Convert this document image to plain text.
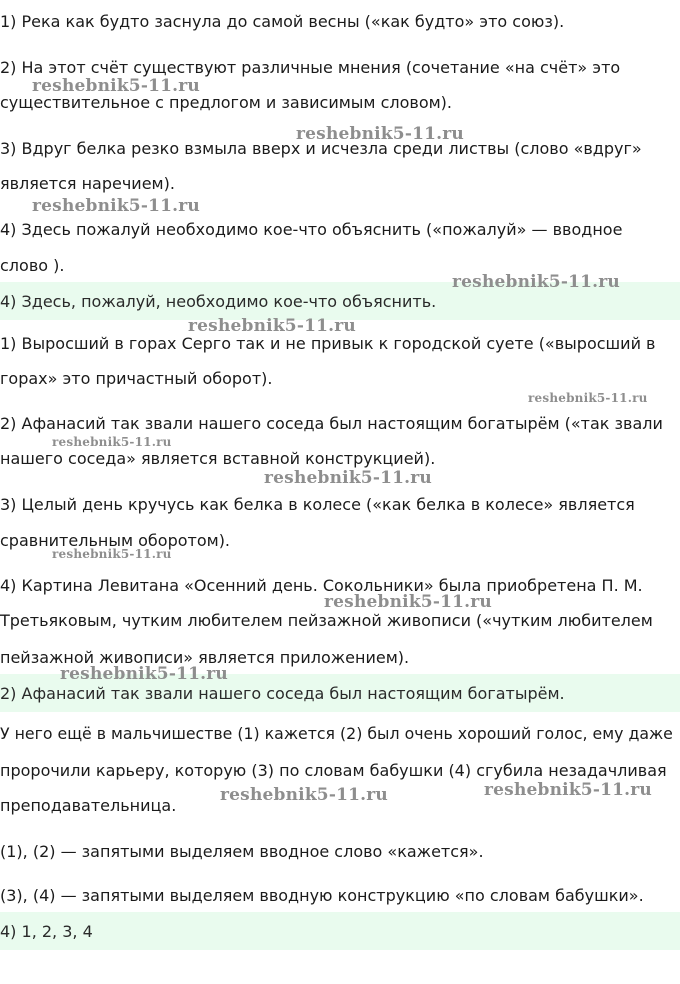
1) Река как будто заснула до самой весны («как будто» это союз).
2) На этот счёт существуют различные мнения (сочетание «на счёт» это
существительное с предлогом и зависимым словом).
3) Вдруг белка резко взмыла вверх и исчезла среди листвы (слово «вдруг»
является наречием).
4) Здесь пожалуй необходимо кое-что объяснить («пожалуй» — вводное
слово ).
4) Здесь, пожалуй, необходимо кое-что объяснить.
1) Выросший в горах Серго так и не привык к городской суете («выросший в
горах» это причастный оборот).
2) Афанасий так звали нашего соседа был настоящим богатырём («так звали
нашего соседа» является вставной конструкцией).
3) Целый день кручусь как белка в колесе («как белка в колесе» является
сравнительным оборотом).
4) Картина Левитана «Осенний день. Сокольники» была приобретена П. М.
Третьяковым, чутким любителем пейзажной живописи («чутким любителем
пейзажной живописи» является приложением).
2) Афанасий так звали нашего соседа был настоящим богатырём.
У него ещё в мальчишестве (1) кажется (2) был очень хороший голос, ему даже
пророчили карьеру, которую (3) по словам бабушки (4) сгубила незадачливая
преподавательница.
(1), (2) — запятыми выделяем вводное слово «кажется».
(3), (4) — запятыми выделяем вводную конструкцию «по словам бабушки».
4) 1, 2, 3, 4
reshebnik5-11.ru
reshebnik5-11.ru
reshebnik5-11.ru
reshebnik5-11.ru
reshebnik5-11.ru
reshebnik5-11.ru
reshebnik5-11.ru
reshebnik5-11.ru
reshebnik5-11.ru
reshebnik5-11.ru
reshebnik5-11.ru
reshebnik5-11.ru	reshebnik5-11.ru
